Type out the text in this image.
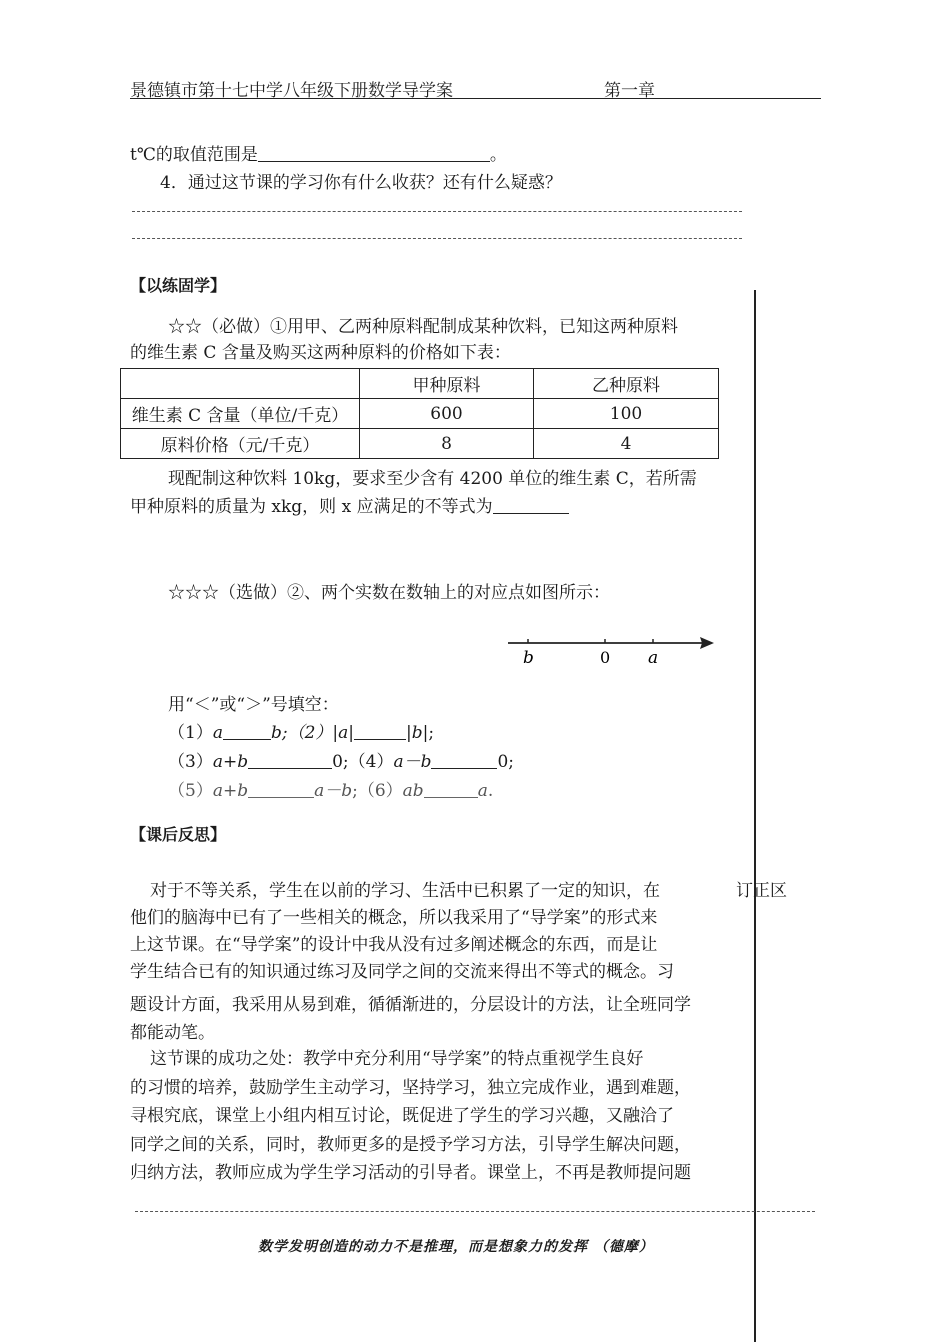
景德镇市第十七中学八年级下册数学导学案	第一章
t℃的取值范围是	。
4．通过这节课的学习你有什么收获？还有什么疑惑？
【以练固学】
☆☆（必做）①用甲、乙两种原料配制成某种饮料，已知这两种原料
的维生素 C 含量及购买这两种原料的价格如下表：
	甲种原料	乙种原料
维生素 C 含量（单位/千克）	600	100
原料价格（元/千克）	8	4
现配制这种饮料 10kg，要求至少含有 4200 单位的维生素 C，若所需
甲种原料的质量为 xkg，则 x 应满足的不等式为
☆☆☆（选做）②、两个实数在数轴上的对应点如图所示：
b	0 a
用“＜”或“＞”号填空：
（1）a	b;（2）|a|	|b|;
（3）a+b	0;（4）a－b	0;
（5）a+b	a－b;（6）ab	a.
【课后反思】
订正区
对于不等关系，学生在以前的学习、生活中已积累了一定的知识，在
他们的脑海中已有了一些相关的概念，所以我采用了“导学案”的形式来
上这节课。在“导学案”的设计中我从没有过多阐述概念的东西，而是让
学生结合已有的知识通过练习及同学之间的交流来得出不等式的概念。习
题设计方面，我采用从易到难，循循渐进的，分层设计的方法，让全班同学
都能动笔。
这节课的成功之处：教学中充分利用“导学案”的特点重视学生良好
的习惯的培养，鼓励学生主动学习，坚持学习，独立完成作业，遇到难题，
寻根究底，课堂上小组内相互讨论，既促进了学生的学习兴趣，又融洽了
同学之间的关系，同时，教师更多的是授予学习方法，引导学生解决问题，
归纳方法，教师应成为学生学习活动的引导者。课堂上，不再是教师提问题
数学发明创造的动力不是推理，而是想象力的发挥 （德摩）
